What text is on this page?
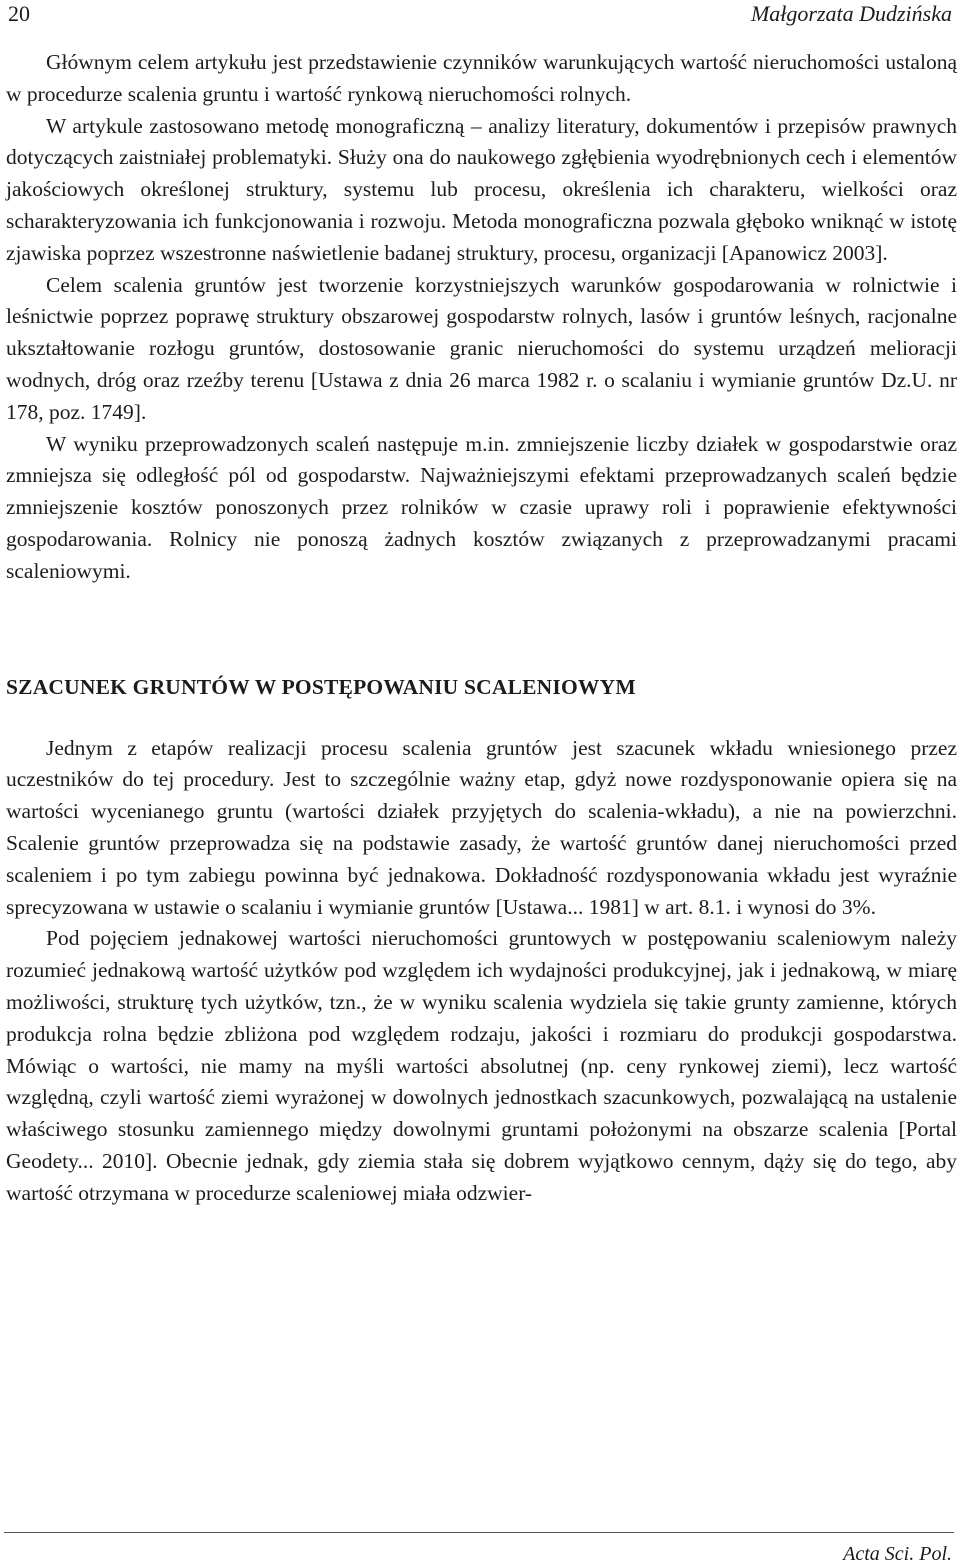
20	Małgorzata Dudzińska

Głównym celem artykułu jest przedstawienie czynników warunkujących wartość nieruchomości ustaloną w procedurze scalenia gruntu i wartość rynkową nieruchomości rolnych.

W artykule zastosowano metodę monograficzną – analizy literatury, dokumentów i przepisów prawnych dotyczących zaistniałej problematyki. Służy ona do naukowego zgłębienia wyodrębnionych cech i elementów jakościowych określonej struktury, systemu lub procesu, określenia ich charakteru, wielkości oraz scharakteryzowania ich funkcjonowania i rozwoju. Metoda monograficzna pozwala głęboko wniknąć w istotę zjawiska poprzez wszestronne naświetlenie badanej struktury, procesu, organizacji [Apanowicz 2003].

Celem scalenia gruntów jest tworzenie korzystniejszych warunków gospodarowania w rolnictwie i leśnictwie poprzez poprawę struktury obszarowej gospodarstw rolnych, lasów i gruntów leśnych, racjonalne ukształtowanie rozłogu gruntów, dostosowanie granic nieruchomości do systemu urządzeń melioracji wodnych, dróg oraz rzeźby terenu [Ustawa z dnia 26 marca 1982 r. o scalaniu i wymianie gruntów Dz.U. nr 178, poz. 1749].

W wyniku przeprowadzonych scaleń następuje m.in. zmniejszenie liczby działek w gospodarstwie oraz zmniejsza się odległość pól od gospodarstw. Najważniejszymi efektami przeprowadzanych scaleń będzie zmniejszenie kosztów ponoszonych przez rolników w czasie uprawy roli i poprawienie efektywności gospodarowania. Rolnicy nie ponoszą żadnych kosztów związanych z przeprowadzanymi pracami scaleniowymi.

SZACUNEK GRUNTÓW W POSTĘPOWANIU SCALENIOWYM

Jednym z etapów realizacji procesu scalenia gruntów jest szacunek wkładu wniesionego przez uczestników do tej procedury. Jest to szczególnie ważny etap, gdyż nowe rozdysponowanie opiera się na wartości wycenianego gruntu (wartości działek przyjętych do scalenia-wkładu), a nie na powierzchni. Scalenie gruntów przeprowadza się na podstawie zasady, że wartość gruntów danej nieruchomości przed scaleniem i po tym zabiegu powinna być jednakowa. Dokładność rozdysponowania wkładu jest wyraźnie sprecyzowana w ustawie o scalaniu i wymianie gruntów [Ustawa... 1981] w art. 8.1. i wynosi do 3%.

Pod pojęciem jednakowej wartości nieruchomości gruntowych w postępowaniu scaleniowym należy rozumieć jednakową wartość użytków pod względem ich wydajności produkcyjnej, jak i jednakową, w miarę możliwości, strukturę tych użytków, tzn., że w wyniku scalenia wydziela się takie grunty zamienne, których produkcja rolna będzie zbliżona pod względem rodzaju, jakości i rozmiaru do produkcji gospodarstwa. Mówiąc o wartości, nie mamy na myśli wartości absolutnej (np. ceny rynkowej ziemi), lecz wartość względną, czyli wartość ziemi wyrażonej w dowolnych jednostkach szacunkowych, pozwalającą na ustalenie właściwego stosunku zamiennego między dowolnymi gruntami położonymi na obszarze scalenia [Portal Geodety... 2010]. Obecnie jednak, gdy ziemia stała się dobrem wyjątkowo cennym, dąży się do tego, aby wartość otrzymana w procedurze scaleniowej miała odzwier-

Acta Sci. Pol.
